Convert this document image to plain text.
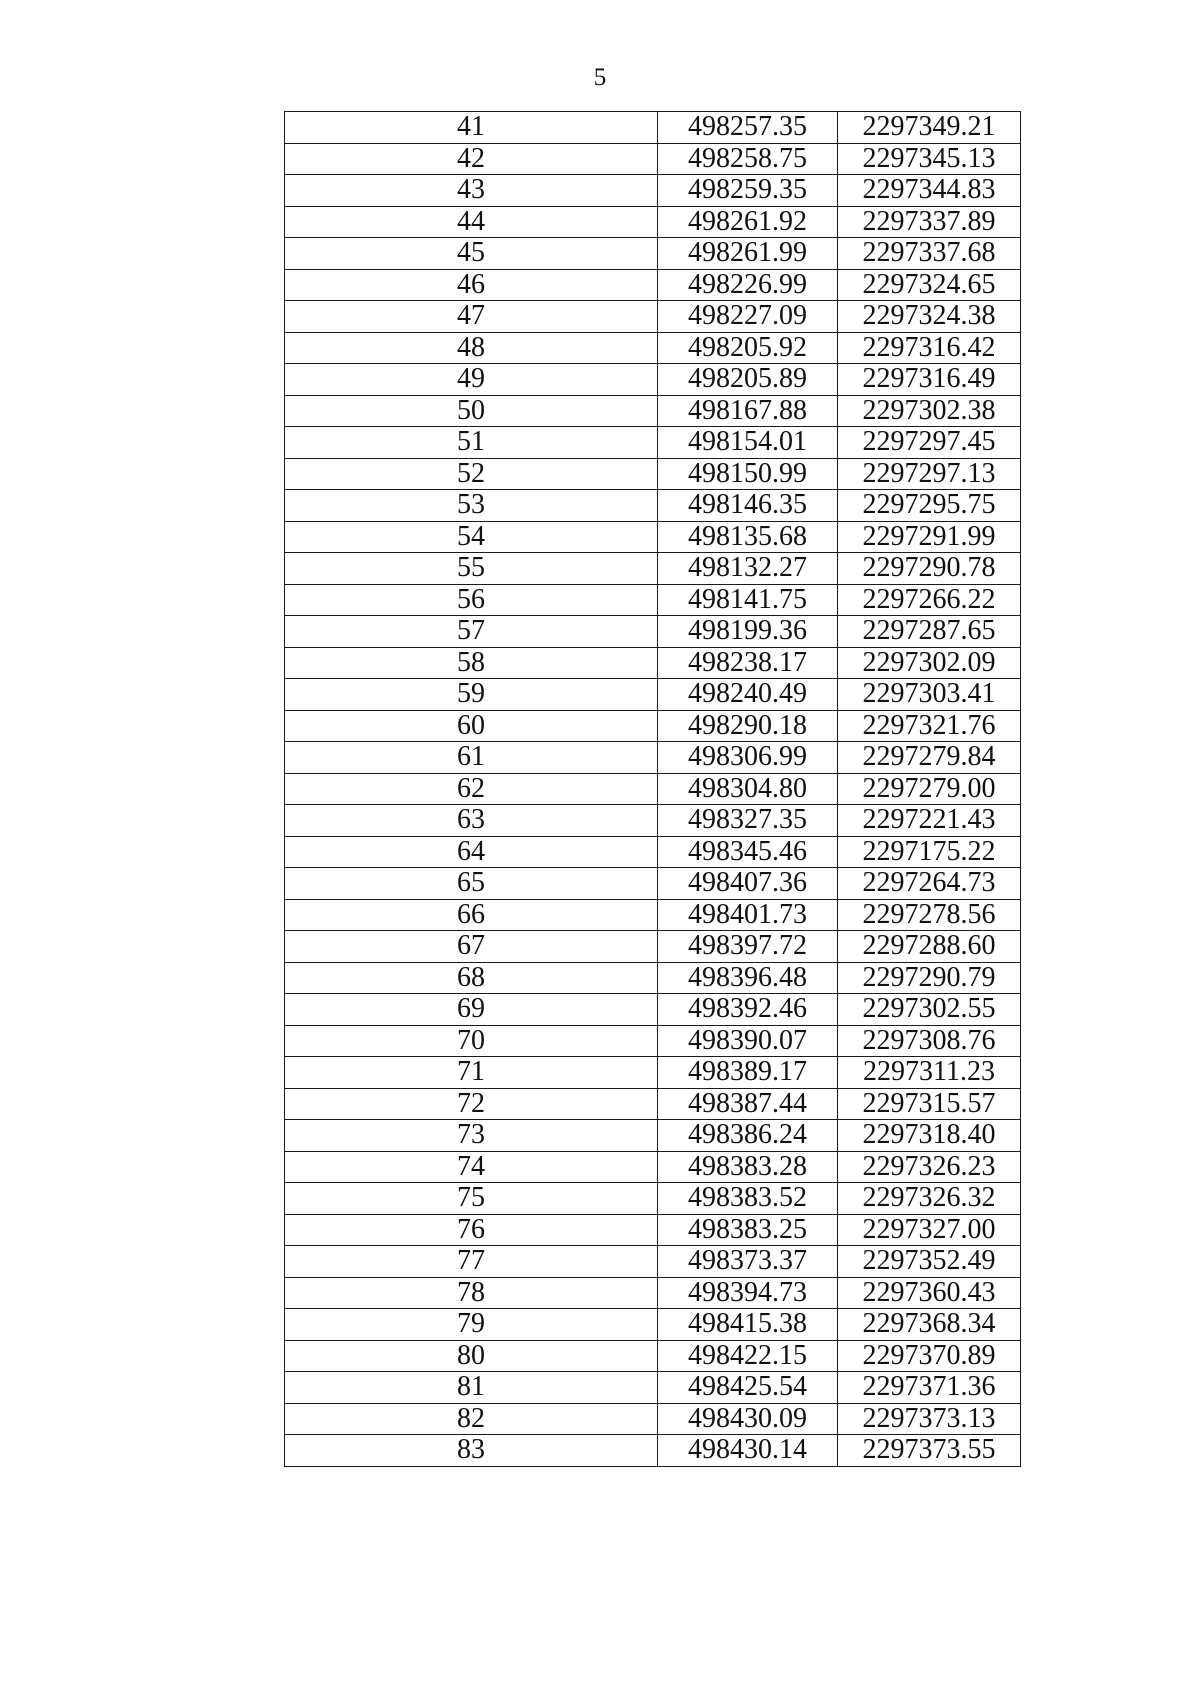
5
41	498257.35	2297349.21
42	498258.75	2297345.13
43	498259.35	2297344.83
44	498261.92	2297337.89
45	498261.99	2297337.68
46	498226.99	2297324.65
47	498227.09	2297324.38
48	498205.92	2297316.42
49	498205.89	2297316.49
50	498167.88	2297302.38
51	498154.01	2297297.45
52	498150.99	2297297.13
53	498146.35	2297295.75
54	498135.68	2297291.99
55	498132.27	2297290.78
56	498141.75	2297266.22
57	498199.36	2297287.65
58	498238.17	2297302.09
59	498240.49	2297303.41
60	498290.18	2297321.76
61	498306.99	2297279.84
62	498304.80	2297279.00
63	498327.35	2297221.43
64	498345.46	2297175.22
65	498407.36	2297264.73
66	498401.73	2297278.56
67	498397.72	2297288.60
68	498396.48	2297290.79
69	498392.46	2297302.55
70	498390.07	2297308.76
71	498389.17	2297311.23
72	498387.44	2297315.57
73	498386.24	2297318.40
74	498383.28	2297326.23
75	498383.52	2297326.32
76	498383.25	2297327.00
77	498373.37	2297352.49
78	498394.73	2297360.43
79	498415.38	2297368.34
80	498422.15	2297370.89
81	498425.54	2297371.36
82	498430.09	2297373.13
83	498430.14	2297373.55
